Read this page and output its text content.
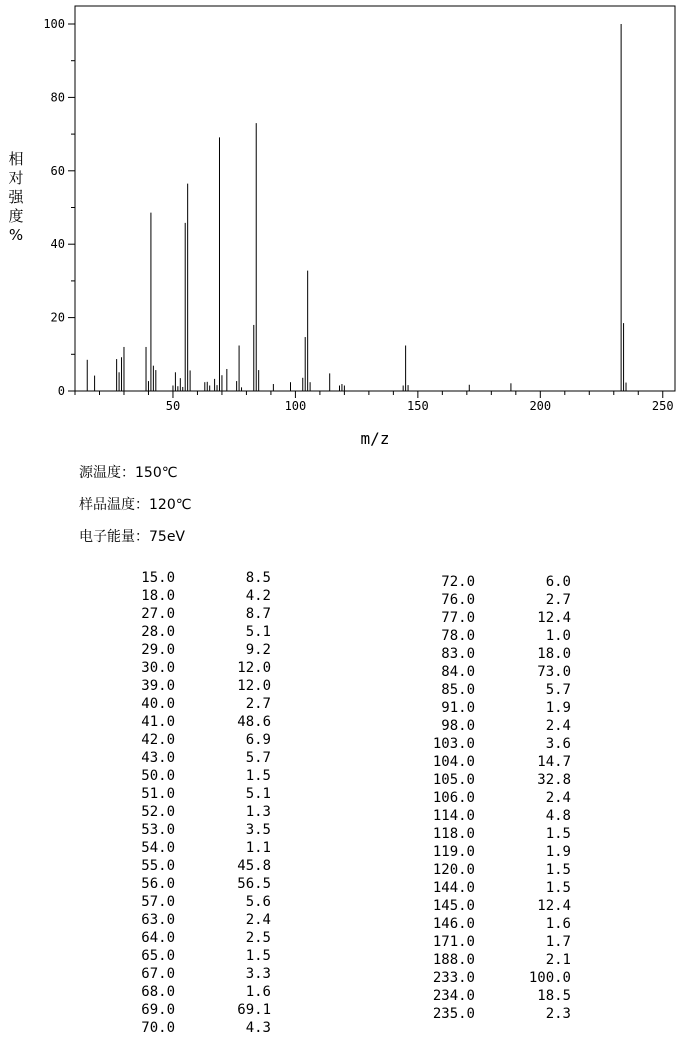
0
20
40
60
80
100
50	100	150	200	250
m/z
相
对
强
度
%
源温度：150℃
样品温度：120℃
电子能量：75eV
15.0	8.5
18.0	4.2
27.0	8.7
28.0	5.1
29.0	9.2
30.0	12.0
39.0	12.0
40.0	2.7
41.0	48.6
42.0	6.9
43.0	5.7
50.0	1.5
51.0	5.1
52.0	1.3
53.0	3.5
54.0	1.1
55.0	45.8
56.0	56.5
57.0	5.6
63.0	2.4
64.0	2.5
65.0	1.5
67.0	3.3
68.0	1.6
69.0	69.1
70.0	4.3
72.0	6.0
76.0	2.7
77.0	12.4
78.0	1.0
83.0	18.0
84.0	73.0
85.0	5.7
91.0	1.9
98.0	2.4
103.0	3.6
104.0	14.7
105.0	32.8
106.0	2.4
114.0	4.8
118.0	1.5
119.0	1.9
120.0	1.5
144.0	1.5
145.0	12.4
146.0	1.6
171.0	1.7
188.0	2.1
233.0	100.0
234.0	18.5
235.0	2.3
